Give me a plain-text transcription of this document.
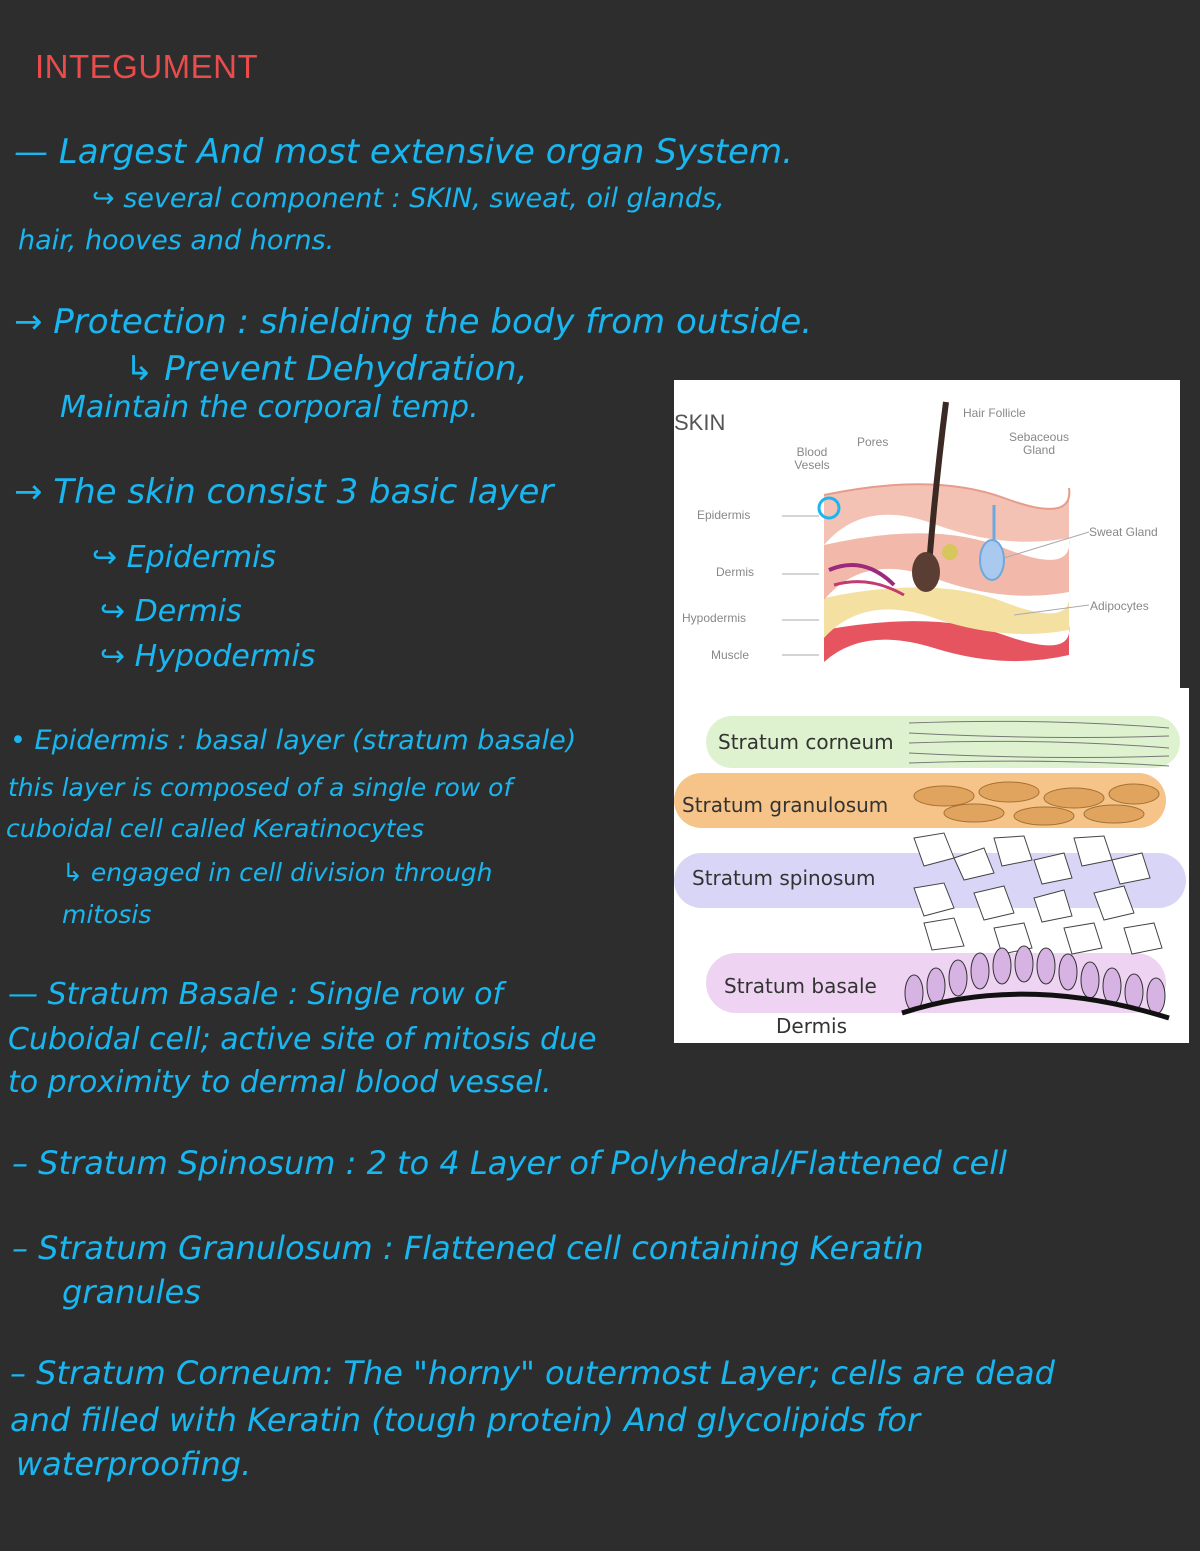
INTEGUMENT
— Largest And most extensive organ System.
↪ several component : SKIN, sweat, oil glands,
hair, hooves and horns.
→ Protection : shielding the body from outside.
↳ Prevent Dehydration,
Maintain the corporal temp.
→ The skin consist 3 basic layer
↪ Epidermis
↪ Dermis
↪ Hypodermis
• Epidermis : basal layer (stratum basale)
this layer is composed of a single row of
cuboidal cell called Keratinocytes
↳ engaged in cell division through
mitosis
— Stratum Basale : Single row of
Cuboidal cell; active site of mitosis due
to proximity to dermal blood vessel.
– Stratum Spinosum : 2 to 4 Layer of Polyhedral/Flattened cell
– Stratum Granulosum : Flattened cell containing Keratin
granules
– Stratum Corneum: The "horny" outermost Layer; cells are dead
and filled with Keratin (tough protein) And glycolipids for
waterproofing.
SKIN	Hair Follicle
Sebaceous Gland
Pores
Blood Vesels
Sweat Gland
Adipocytes
Epidermis
Dermis
Hypodermis
Muscle
Stratum corneum
Stratum granulosum
Stratum spinosum
Stratum basale
Dermis
